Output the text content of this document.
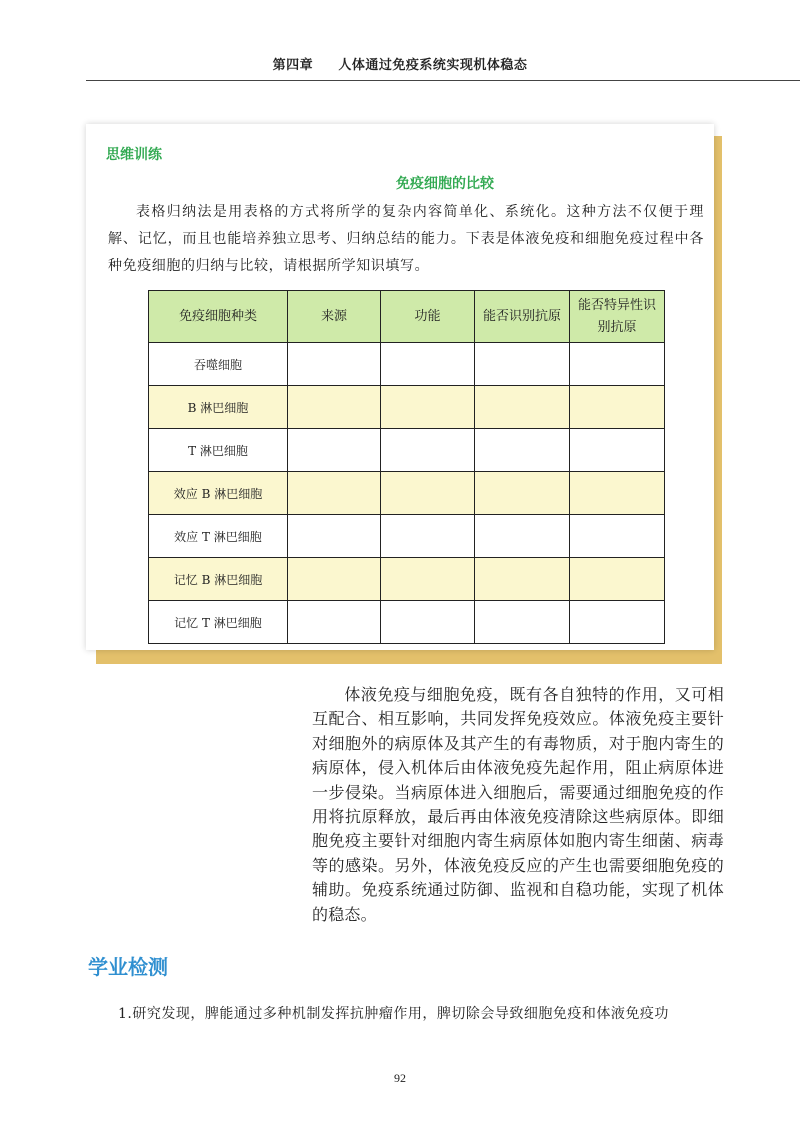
第四章 人体通过免疫系统实现机体稳态
思维训练
免疫细胞的比较
表格归纳法是用表格的方式将所学的复杂内容简单化、系统化。这种方法不仅便于理解、记忆，而且也能培养独立思考、归纳总结的能力。下表是体液免疫和细胞免疫过程中各种免疫细胞的归纳与比较，请根据所学知识填写。
免疫细胞种类	来源	功能	能否识别抗原	能否特异性识别抗原
吞噬细胞				
B 淋巴细胞				
T 淋巴细胞				
效应 B 淋巴细胞				
效应 T 淋巴细胞				
记忆 B 淋巴细胞				
记忆 T 淋巴细胞				
体液免疫与细胞免疫，既有各自独特的作用，又可相互配合、相互影响，共同发挥免疫效应。体液免疫主要针对细胞外的病原体及其产生的有毒物质，对于胞内寄生的病原体，侵入机体后由体液免疫先起作用，阻止病原体进一步侵染。当病原体进入细胞后，需要通过细胞免疫的作用将抗原释放，最后再由体液免疫清除这些病原体。即细胞免疫主要针对细胞内寄生病原体如胞内寄生细菌、病毒等的感染。另外，体液免疫反应的产生也需要细胞免疫的辅助。免疫系统通过防御、监视和自稳功能，实现了机体的稳态。
学业检测
1.研究发现，脾能通过多种机制发挥抗肿瘤作用，脾切除会导致细胞免疫和体液免疫功
92
